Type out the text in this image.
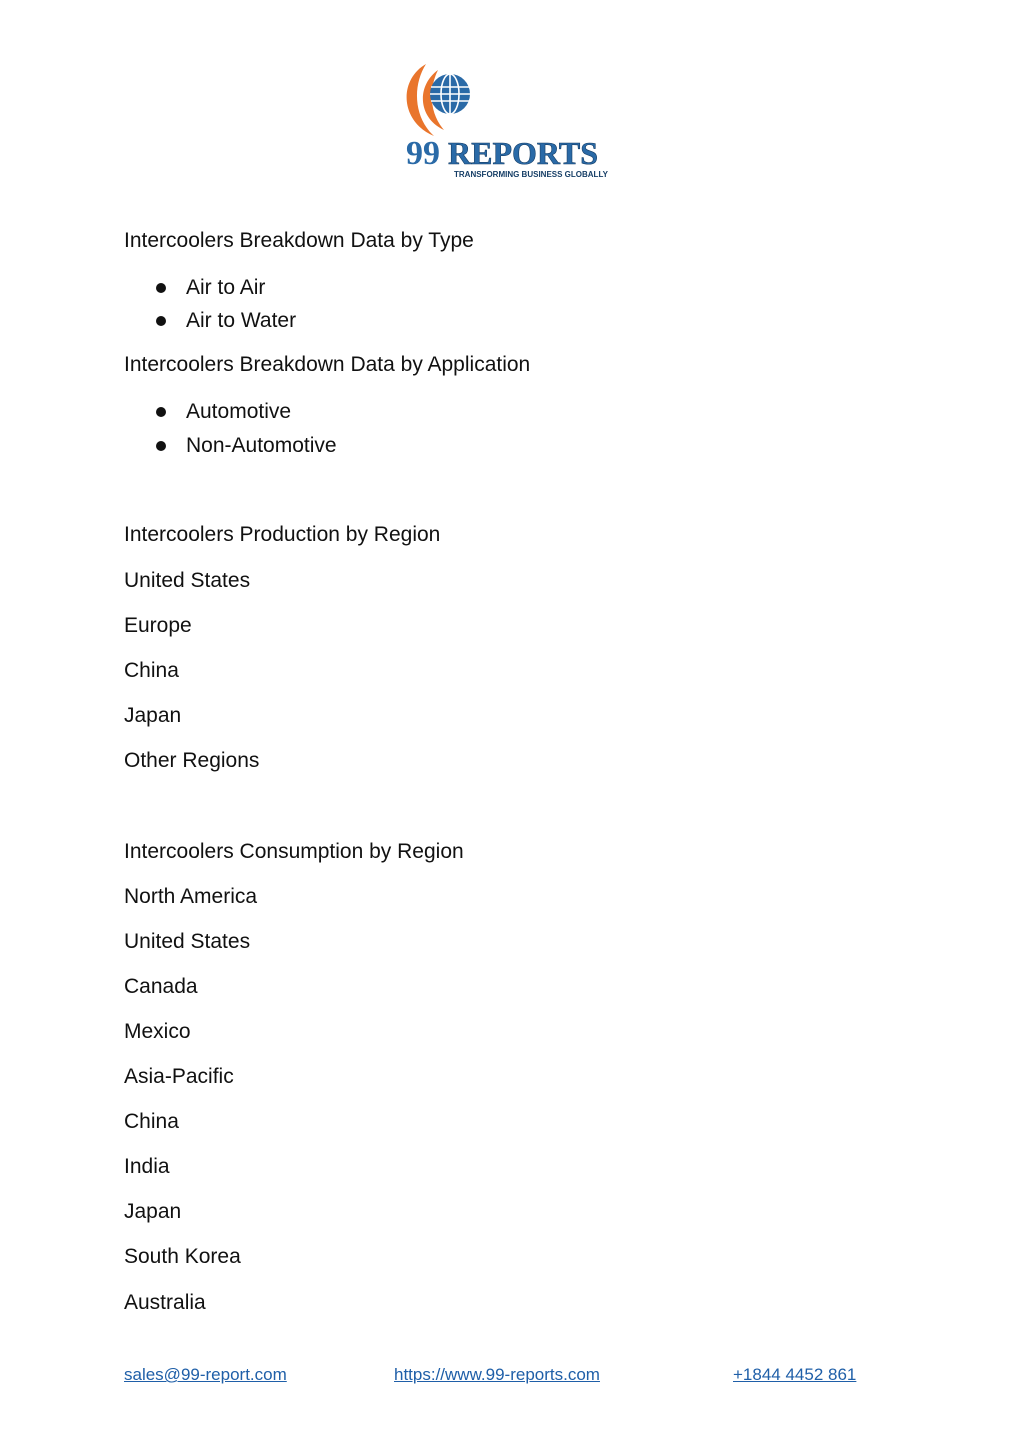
99 REPORTS
TRANSFORMING BUSINESS GLOBALLY
Intercoolers Breakdown Data by Type
Air to Air
Air to Water
Intercoolers Breakdown Data by Application
Automotive
Non-Automotive
Intercoolers Production by Region
United States
Europe
China
Japan
Other Regions
Intercoolers Consumption by Region
North America
United States
Canada
Mexico
Asia-Pacific
China
India
Japan
South Korea
Australia
sales@99-report.com	https://www.99-reports.com	+1844 4452 861
